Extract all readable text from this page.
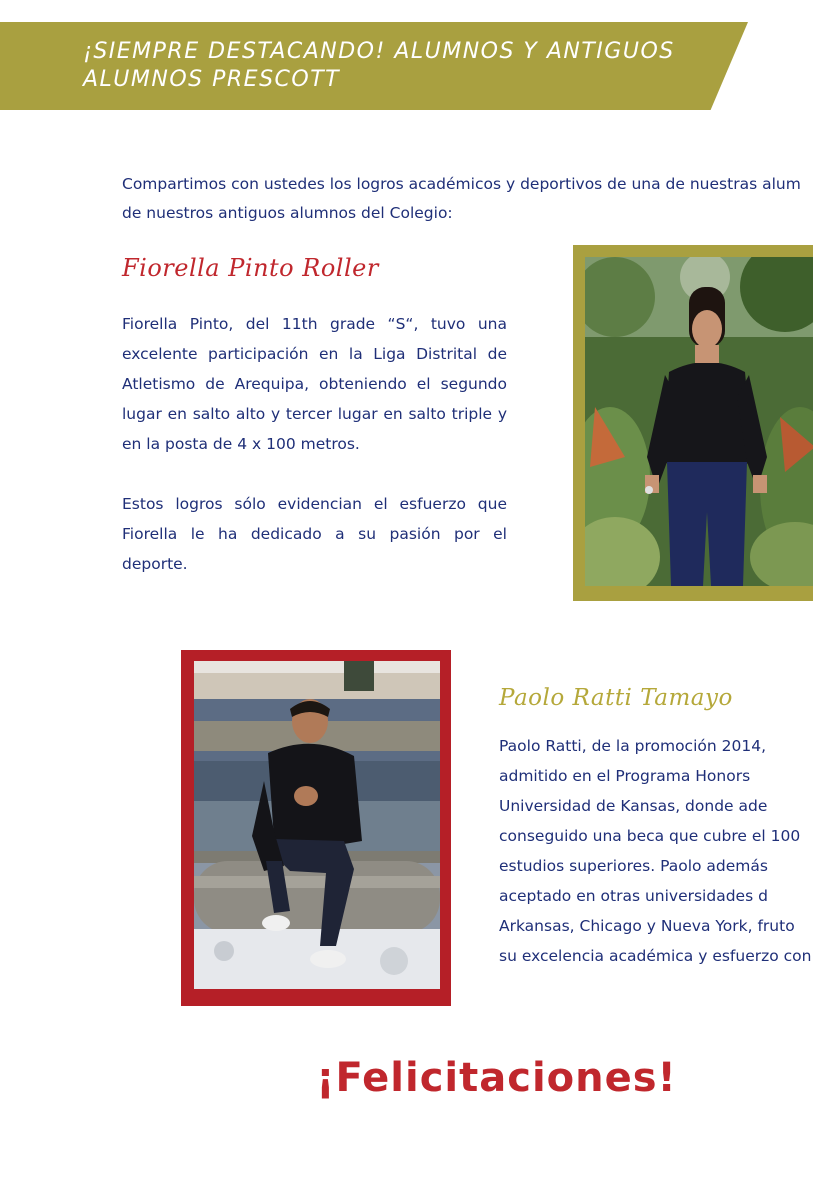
¡SIEMPRE DESTACANDO! ALUMNOS Y ANTIGUOS
ALUMNOS PRESCOTT

Compartimos con ustedes los logros académicos y deportivos de una de nuestras alum

de nuestros antiguos alumnos del Colegio:

Fiorella Pinto Roller

Fiorella Pinto, del 11th grade “S“, tuvo una excelente participación en la Liga Distrital de Atletismo de Arequipa, obteniendo el segundo lugar en salto alto y tercer lugar en salto triple y en la posta de 4 x 100 metros.

Estos logros sólo evidencian el esfuerzo que Fiorella le ha dedicado a su pasión por el deporte.

Paolo Ratti Tamayo
Paolo Ratti, de la promoción 2014,
admitido en el Programa Honors
Universidad de Kansas, donde ade
conseguido una beca que cubre el 100
estudios superiores. Paolo además
aceptado en otras universidades d
Arkansas, Chicago y Nueva York, fruto
su excelencia académica y esfuerzo con
¡Felicitaciones!
